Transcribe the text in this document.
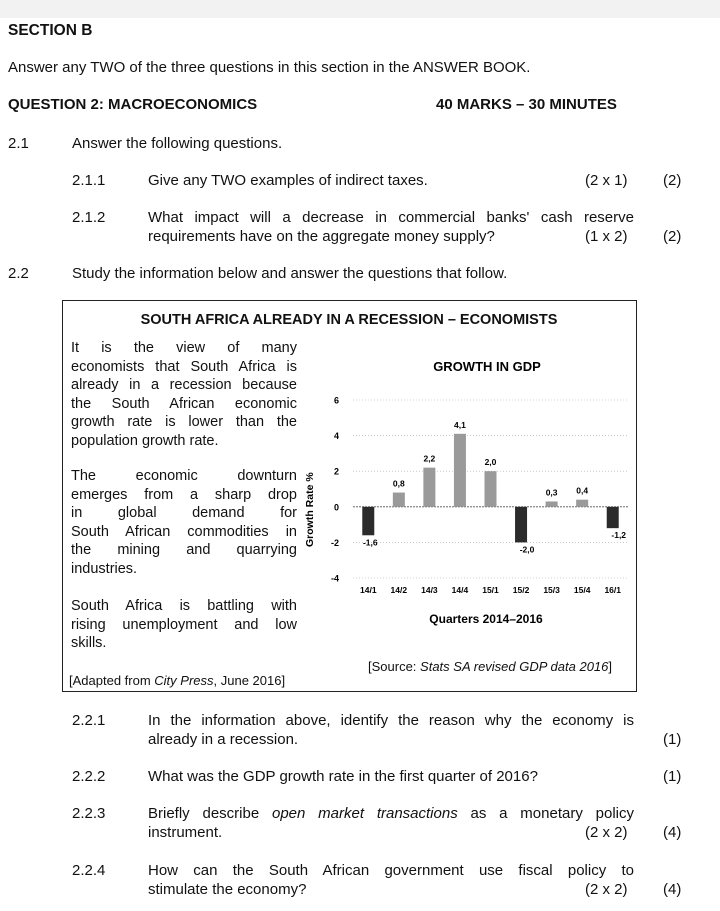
SECTION B
Answer any TWO of the three questions in this section in the ANSWER BOOK.
QUESTION 2: MACROECONOMICS	40 MARKS – 30 MINUTES
2.1	Answer the following questions.
2.1.1	Give any TWO examples of indirect taxes.	(2 x 1) (2)
2.1.2	What impact will a decrease in commercial banks' cash reserve
requirements have on the aggregate money supply?	(1 x 2) (2)
2.2	Study the information below and answer the questions that follow.
SOUTH AFRICA ALREADY IN A RECESSION – ECONOMISTS
It is the view of many
economists that South Africa is
already in a recession because
the South African economic
growth rate is lower than the
population growth rate.
The economic downturn
emerges from a sharp drop
in global demand for
South African commodities in
the mining and quarrying
industries.
South Africa is battling with
rising unemployment and low
skills.
[Adapted from City Press, June 2016]
[Source: Stats SA revised GDP data 2016]
GROWTH IN GDP
Growth Rate %
-4
-2
0
2
4
6
14/1 14/2 14/3 14/4 15/1 15/2 15/3 15/4 16/1
-1,6
0,8
2,2
4,1
2,0
-2,0
0,3 0,4
-1,2
Quarters 2014–2016
2.2.1	In the information above, identify the reason why the economy is
already in a recession.	(1)
2.2.2	What was the GDP growth rate in the first quarter of 2016?	(1)
2.2.3	Briefly describe open market transactions as a monetary policy
instrument.	(2 x 2) (4)
2.2.4	How can the South African government use fiscal policy to
stimulate the economy?	(2 x 2) (4)
